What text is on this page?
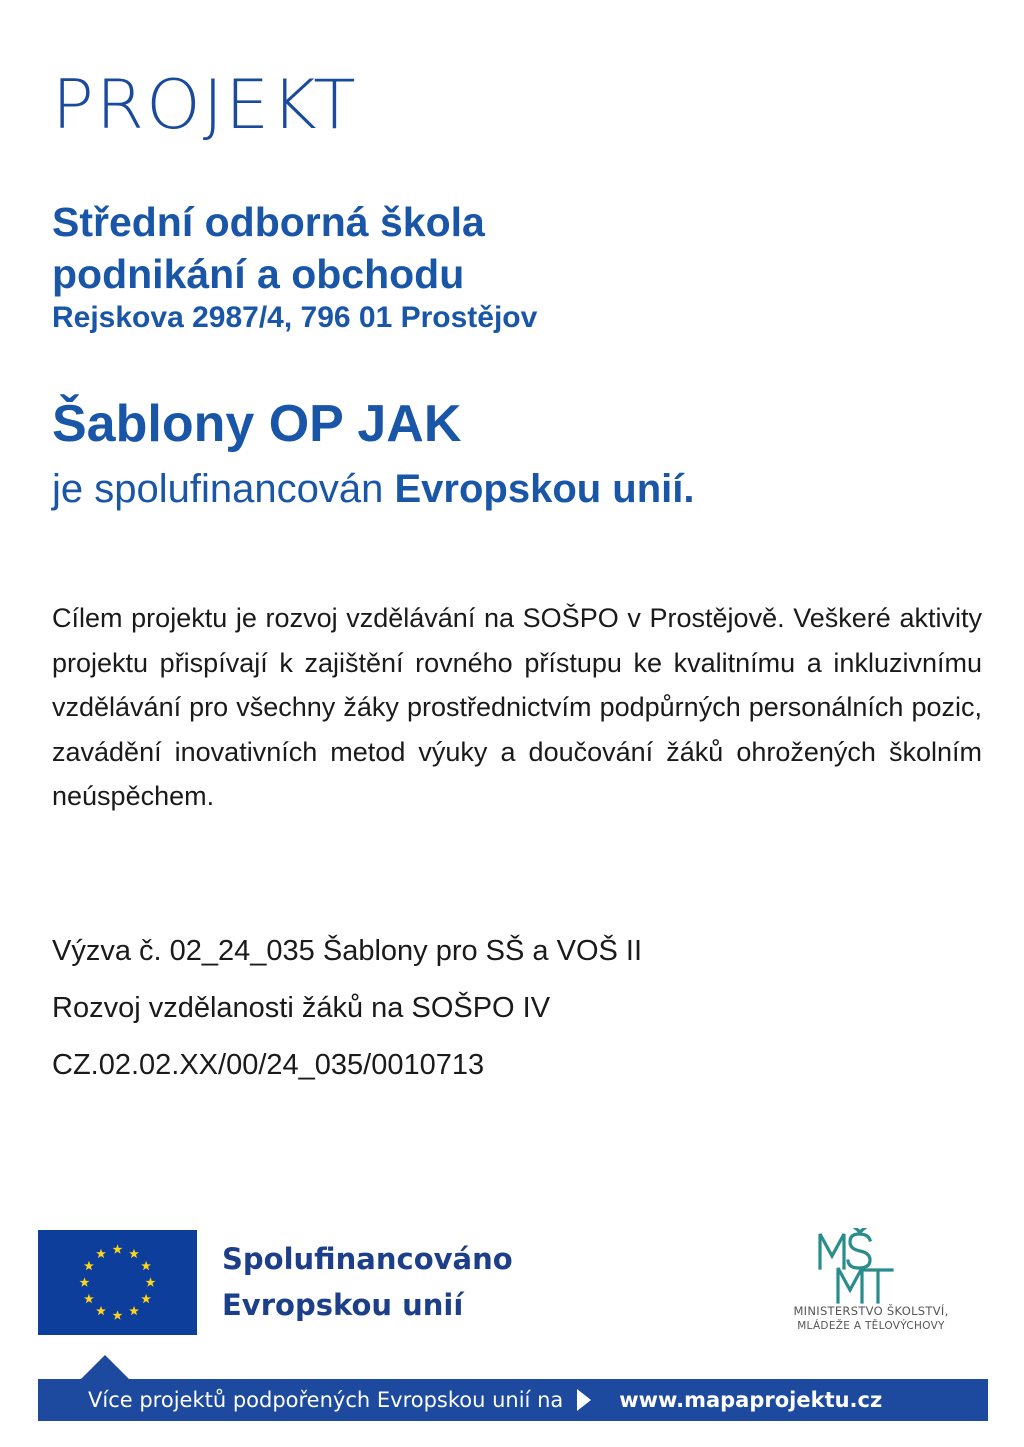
PROJEKT
Střední odborná škola
podnikání a obchodu
Rejskova 2987/4, 796 01 Prostějov
Šablony OP JAK
je spolufinancován Evropskou unií.
Cílem projektu je rozvoj vzdělávání na SOŠPO v Prostějově. Veškeré aktivity projektu přispívají k zajištění rovného přístupu ke kvalitnímu a inkluzivnímu vzdělávání pro všechny žáky prostřednictvím podpůrných personálních pozic, zavádění inovativních metod výuky a doučování žáků ohrožených školním neúspěchem.
Výzva č. 02_24_035 Šablony pro SŠ a VOŠ II
Rozvoj vzdělanosti žáků na SOŠPO IV
CZ.02.02.XX/00/24_035/0010713
Spolufinancováno
Evropskou unií	MINISTERSTVO ŠKOLSTVÍ,
MLÁDEŽE A TĚLOVÝCHOVY
Více projektů podpořených Evropskou unií na	www.mapaprojektu.cz
